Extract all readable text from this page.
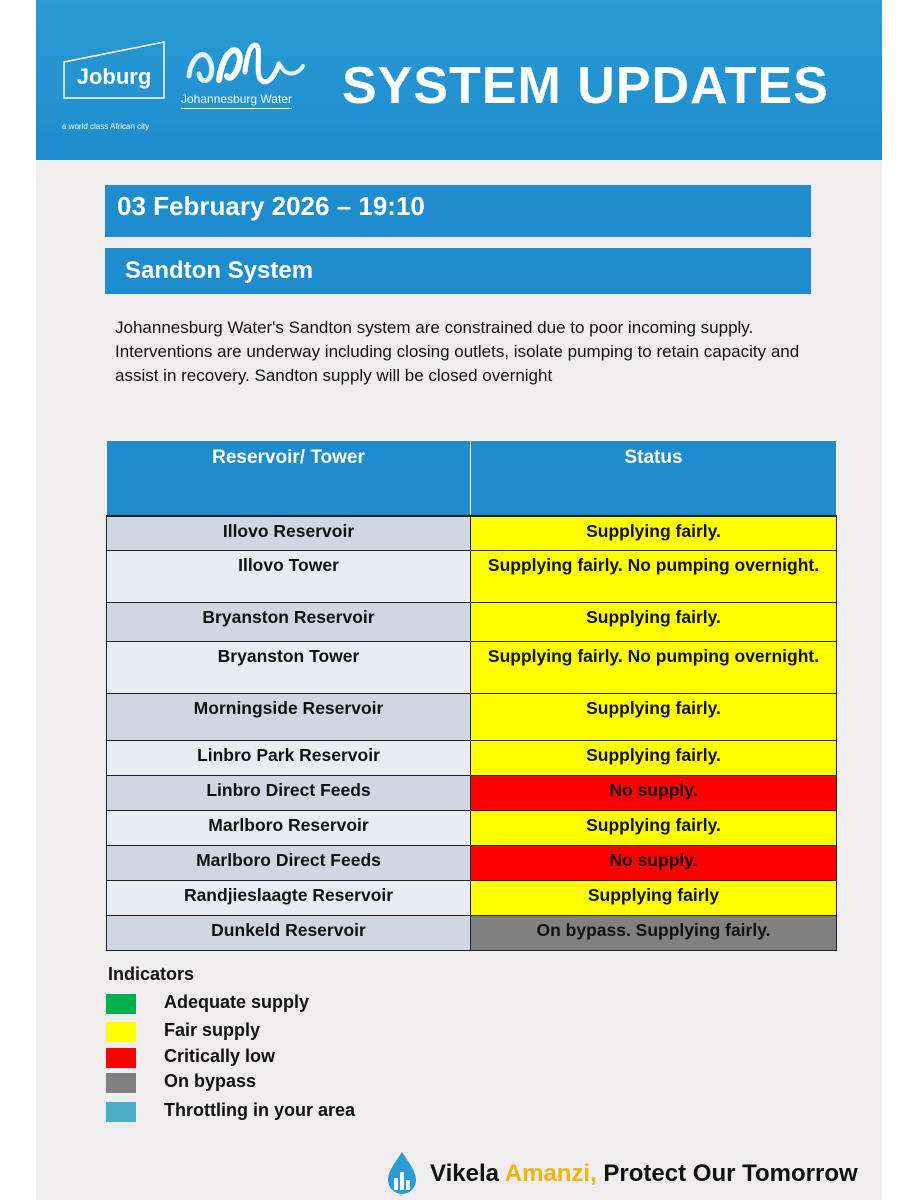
Joburg
a world class African city
Johannesburg Water SYSTEM UPDATES
03 February 2026 – 19:10
Sandton System
Johannesburg Water's Sandton system are constrained due to poor incoming supply. Interventions are underway including closing outlets, isolate pumping to retain capacity and assist in recovery. Sandton supply will be closed overnight
Reservoir/ Tower	Status
Illovo Reservoir	Supplying fairly.
Illovo Tower	Supplying fairly. No pumping overnight.
Bryanston Reservoir	Supplying fairly.
Bryanston Tower	Supplying fairly. No pumping overnight.
Morningside Reservoir	Supplying fairly.
Linbro Park Reservoir	Supplying fairly.
Linbro Direct Feeds	No supply.
Marlboro Reservoir	Supplying fairly.
Marlboro Direct Feeds	No supply.
Randjieslaagte Reservoir	Supplying fairly
Dunkeld Reservoir	On bypass. Supplying fairly.
Indicators
Adequate supply
Fair supply
Critically low
On bypass
Throttling in your area
Vikela Amanzi, Protect Our Tomorrow
